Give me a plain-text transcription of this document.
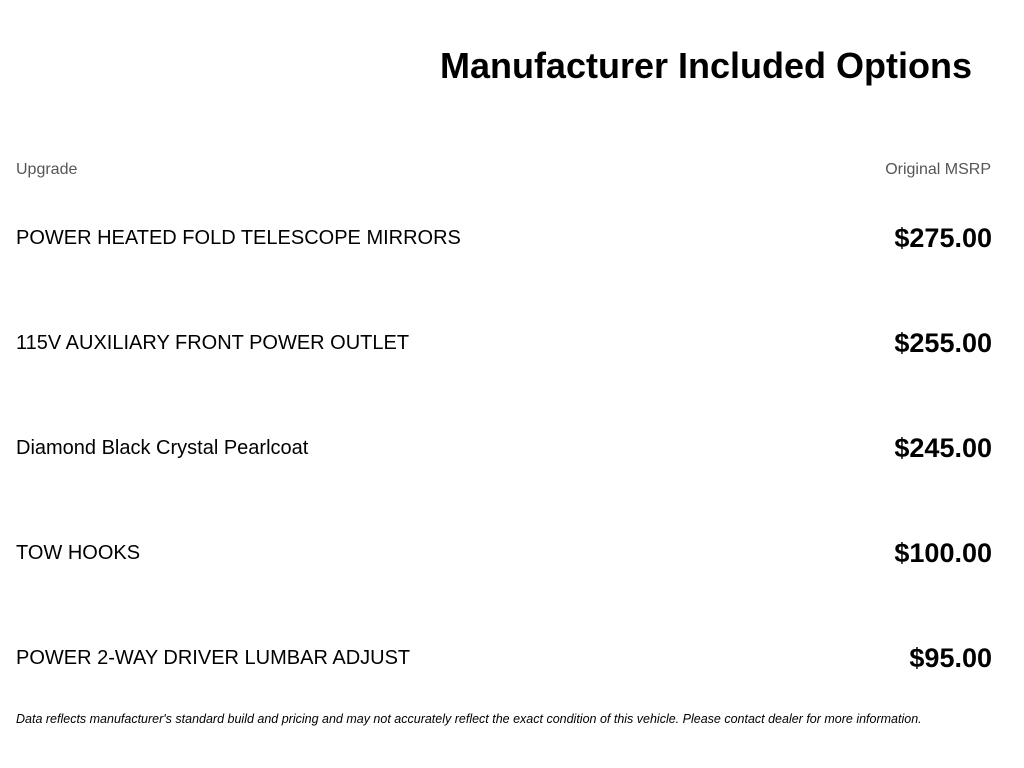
Manufacturer Included Options
Upgrade	Original MSRP
POWER HEATED FOLD TELESCOPE MIRRORS	$275.00
115V AUXILIARY FRONT POWER OUTLET	$255.00
Diamond Black Crystal Pearlcoat	$245.00
TOW HOOKS	$100.00
POWER 2-WAY DRIVER LUMBAR ADJUST	$95.00
Data reflects manufacturer's standard build and pricing and may not accurately reflect the exact condition of this vehicle. Please contact dealer for more information.
